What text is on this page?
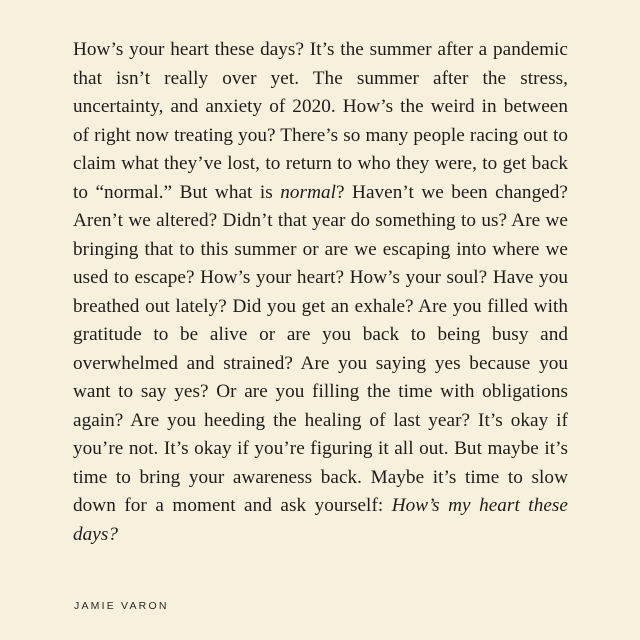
How’s your heart these days? It’s the summer after a pandemic that isn’t really over yet. The summer after the stress, uncertainty, and anxiety of 2020. How’s the weird in between of right now treating you? There’s so many people racing out to claim what they’ve lost, to return to who they were, to get back to “normal.” But what is normal? Haven’t we been changed? Aren’t we altered? Didn’t that year do something to us? Are we bringing that to this summer or are we escaping into where we used to escape? How’s your heart? How’s your soul? Have you breathed out lately? Did you get an exhale? Are you filled with gratitude to be alive or are you back to being busy and overwhelmed and strained? Are you saying yes because you want to say yes? Or are you filling the time with obligations again? Are you heeding the healing of last year? It’s okay if you’re not. It’s okay if you’re figuring it all out. But maybe it’s time to bring your awareness back. Maybe it’s time to slow down for a moment and ask yourself: How’s my heart these days?

JAMIE VARON
